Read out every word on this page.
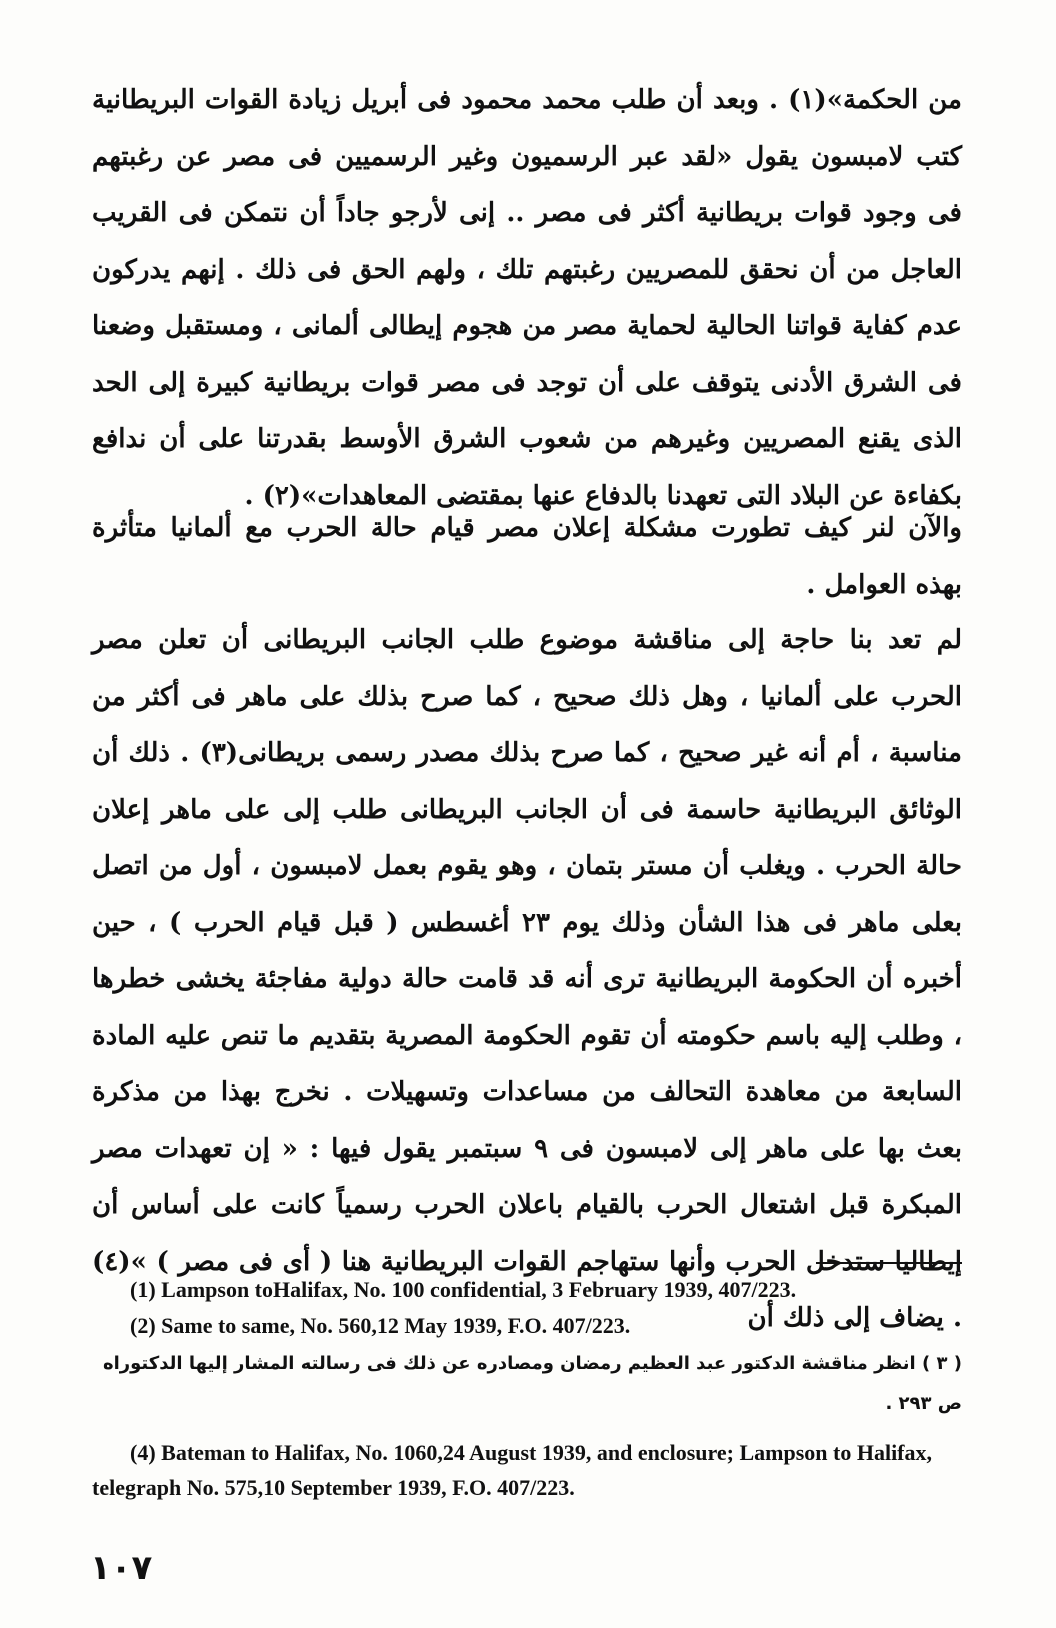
من الحكمة»(١) . وبعد أن طلب محمد محمود فى أبريل زيادة القوات البريطانية كتب لامبسون يقول «لقد عبر الرسميون وغير الرسميين فى مصر عن رغبتهم فى وجود قوات بريطانية أكثر فى مصر .. إنى لأرجو جاداً أن نتمكن فى القريب العاجل من أن نحقق للمصريين رغبتهم تلك ، ولهم الحق فى ذلك . إنهم يدركون عدم كفاية قواتنا الحالية لحماية مصر من هجوم إيطالى ألمانى ، ومستقبل وضعنا فى الشرق الأدنى يتوقف على أن توجد فى مصر قوات بريطانية كبيرة إلى الحد الذى يقنع المصريين وغيرهم من شعوب الشرق الأوسط بقدرتنا على أن ندافع بكفاءة عن البلاد التى تعهدنا بالدفاع عنها بمقتضى المعاهدات»(٢) .

والآن لنر كيف تطورت مشكلة إعلان مصر قيام حالة الحرب مع ألمانيا متأثرة بهذه العوامل .

لم تعد بنا حاجة إلى مناقشة موضوع طلب الجانب البريطانى أن تعلن مصر الحرب على ألمانيا ، وهل ذلك صحيح ، كما صرح بذلك على ماهر فى أكثر من مناسبة ، أم أنه غير صحيح ، كما صرح بذلك مصدر رسمى بريطانى(٣) . ذلك أن الوثائق البريطانية حاسمة فى أن الجانب البريطانى طلب إلى على ماهر إعلان حالة الحرب . ويغلب أن مستر بتمان ، وهو يقوم بعمل لامبسون ، أول من اتصل بعلى ماهر فى هذا الشأن وذلك يوم ٢٣ أغسطس ( قبل قيام الحرب ) ، حين أخبره أن الحكومة البريطانية ترى أنه قد قامت حالة دولية مفاجئة يخشى خطرها ، وطلب إليه باسم حكومته أن تقوم الحكومة المصرية بتقديم ما تنص عليه المادة السابعة من معاهدة التحالف من مساعدات وتسهيلات . نخرج بهذا من مذكرة بعث بها على ماهر إلى لامبسون فى ٩ سبتمبر يقول فيها : « إن تعهدات مصر المبكرة قبل اشتعال الحرب بالقيام باعلان الحرب رسمياً كانت على أساس أن إيطاليا ستدخل الحرب وأنها ستهاجم القوات البريطانية هنا ( أى فى مصر ) »(٤) . يضاف إلى ذلك أن

(1) Lampson toHalifax, No. 100 confidential, 3 February 1939, 407/223.

(2) Same to same, No. 560,12 May 1939, F.O. 407/223.

( ٣ ) انظر مناقشة الدكتور عبد العظيم رمضان ومصادره عن ذلك فى رسالته المشار إليها الدكتوراه ص ٢٩٣ .

(4) Bateman to Halifax, No. 1060,24 August 1939, and enclosure; Lampson to Halifax, telegraph No. 575,10 September 1939, F.O. 407/223.

١٠٧
